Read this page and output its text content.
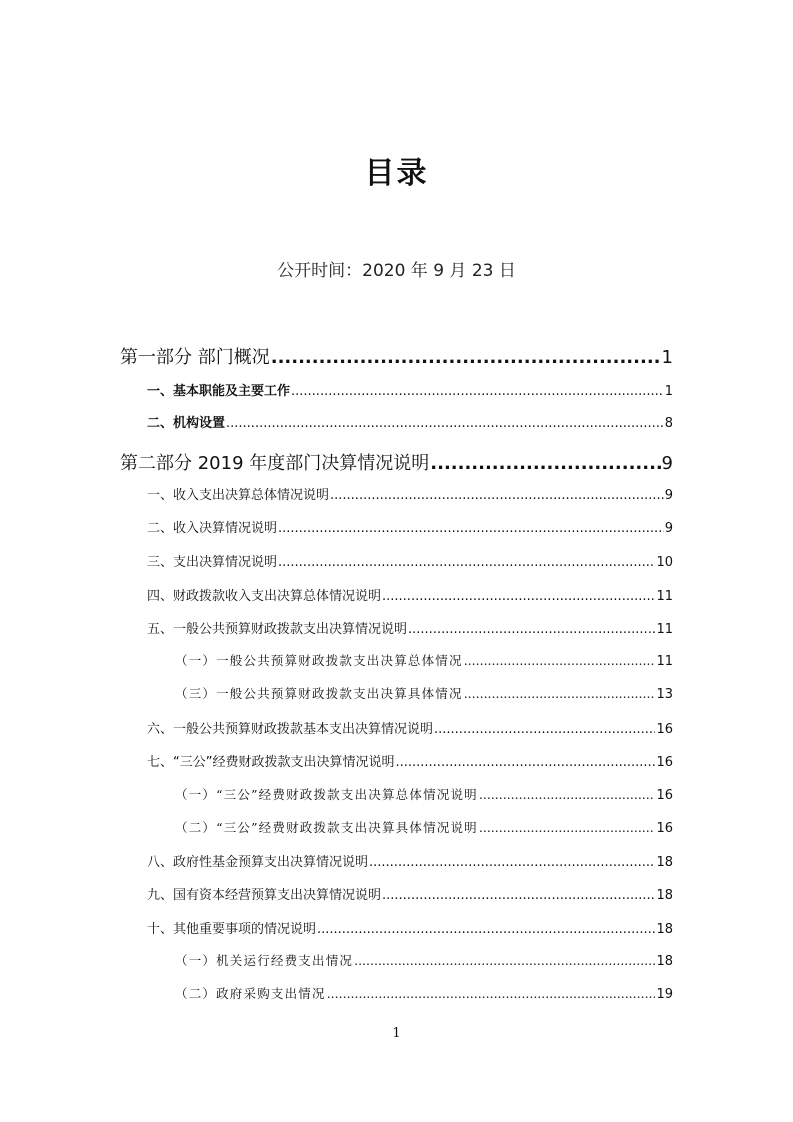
目录
公开时间：2020 年 9 月 23 日
第一部分 部门概况 .....	1
一、基本职能及主要工作 .....	1
二、机构设置 .....	8
第二部分 2019 年度部门决算情况说明 .....	9
一、收入支出决算总体情况说明 .....	9
二、收入决算情况说明 .....	9
三、支出决算情况说明 .....	10
四、财政拨款收入支出决算总体情况说明 .....	11
五、一般公共预算财政拨款支出决算情况说明 .....	11
（一）一般公共预算财政拨款支出决算总体情况 .....	11
（三）一般公共预算财政拨款支出决算具体情况 .....	13
六、一般公共预算财政拨款基本支出决算情况说明 .....	16
七、“三公”经费财政拨款支出决算情况说明 .....	16
（一）“三公”经费财政拨款支出决算总体情况说明 .....	16
（二）“三公”经费财政拨款支出决算具体情况说明 .....	16
八、政府性基金预算支出决算情况说明 .....	18
九、国有资本经营预算支出决算情况说明 .....	18
十、其他重要事项的情况说明 .....	18
（一）机关运行经费支出情况 .....	18
（二）政府采购支出情况 .....	19
1
